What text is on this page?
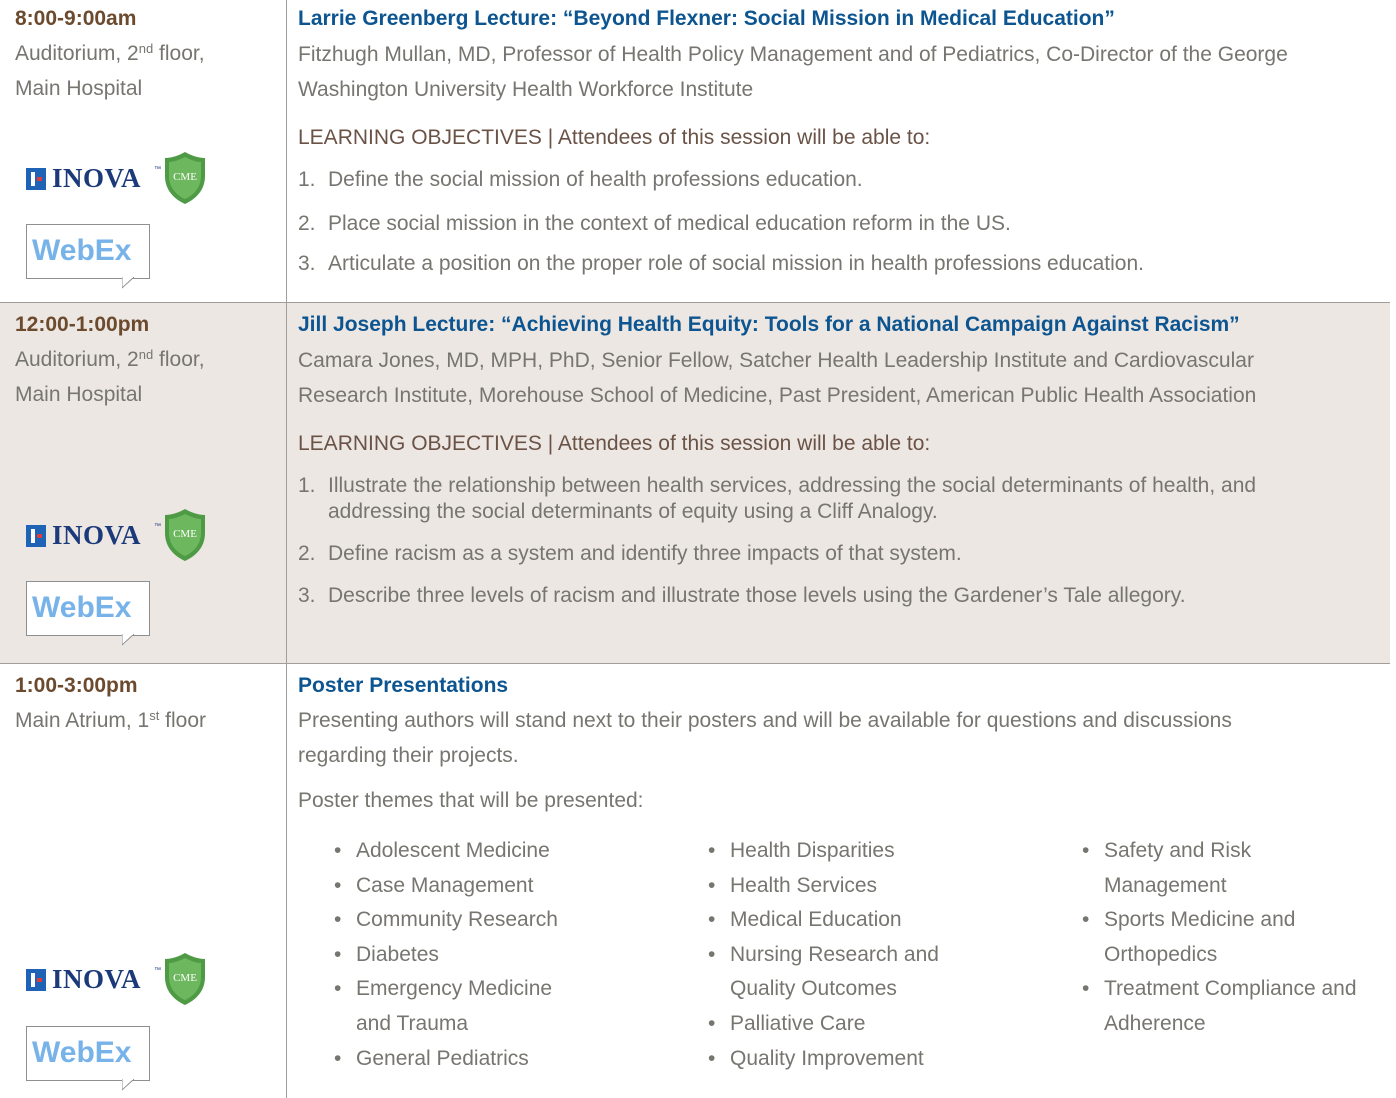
8:00-9:00am
Auditorium, 2nd floor,
Main Hospital
Larrie Greenberg Lecture: “Beyond Flexner: Social Mission in Medical Education”
Fitzhugh Mullan, MD, Professor of Health Policy Management and of Pediatrics, Co-Director of the George Washington University Health Workforce Institute
LEARNING OBJECTIVES | Attendees of this session will be able to:
1. Define the social mission of health professions education.
2. Place social mission in the context of medical education reform in the US.
3. Articulate a position on the proper role of social mission in health professions education.
INOVA ™
CME
WebEx
12:00-1:00pm
Auditorium, 2nd floor,
Main Hospital
Jill Joseph Lecture: “Achieving Health Equity: Tools for a National Campaign Against Racism”
Camara Jones, MD, MPH, PhD, Senior Fellow, Satcher Health Leadership Institute and Cardiovascular Research Institute, Morehouse School of Medicine, Past President, American Public Health Association
LEARNING OBJECTIVES | Attendees of this session will be able to:
1. Illustrate the relationship between health services, addressing the social determinants of health, and addressing the social determinants of equity using a Cliff Analogy.
2. Define racism as a system and identify three impacts of that system.
3. Describe three levels of racism and illustrate those levels using the Gardener’s Tale allegory.
INOVA ™
CME
WebEx
1:00-3:00pm
Main Atrium, 1st floor
Poster Presentations
Presenting authors will stand next to their posters and will be available for questions and discussions regarding their projects.
Poster themes that will be presented:
• Adolescent Medicine
• Case Management
• Community Research
• Diabetes
• Emergency Medicine and Trauma
• General Pediatrics
• Health Disparities
• Health Services
• Medical Education
• Nursing Research and Quality Outcomes
• Palliative Care
• Quality Improvement
• Safety and Risk Management
• Sports Medicine and Orthopedics
• Treatment Compliance and Adherence
INOVA ™
CME
WebEx
